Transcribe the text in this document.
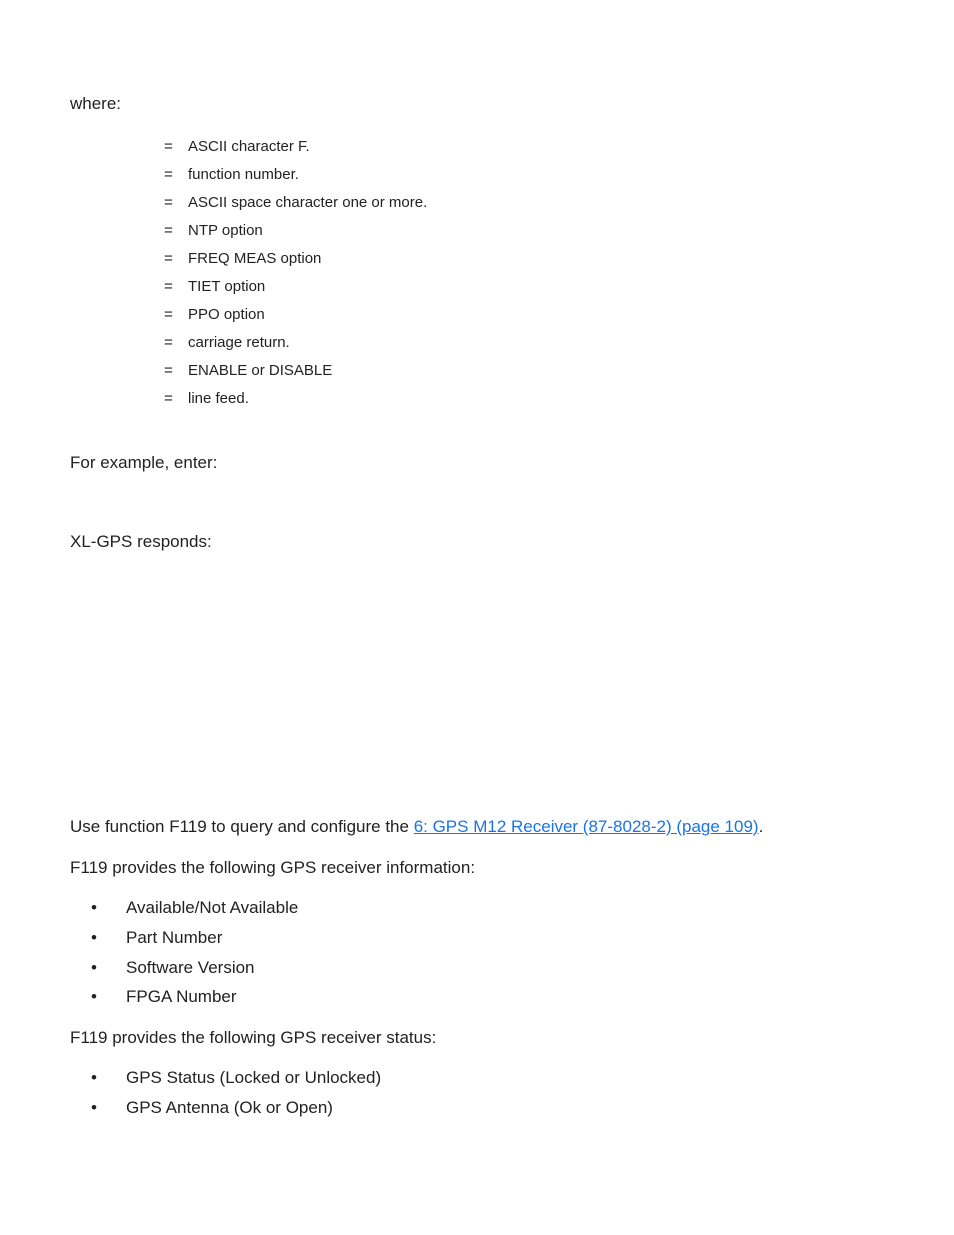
where:
= ASCII character F.
= function number.
= ASCII space character one or more.
= NTP option
= FREQ MEAS option
= TIET option
= PPO option
= carriage return.
= ENABLE or DISABLE
= line feed.
For example, enter:
XL-GPS responds:
Use function F119 to query and configure the 6: GPS M12 Receiver (87-8028-2) (page 109).
F119 provides the following GPS receiver information:
• Available/Not Available
• Part Number
• Software Version
• FPGA Number
F119 provides the following GPS receiver status:
• GPS Status (Locked or Unlocked)
• GPS Antenna (Ok or Open)
